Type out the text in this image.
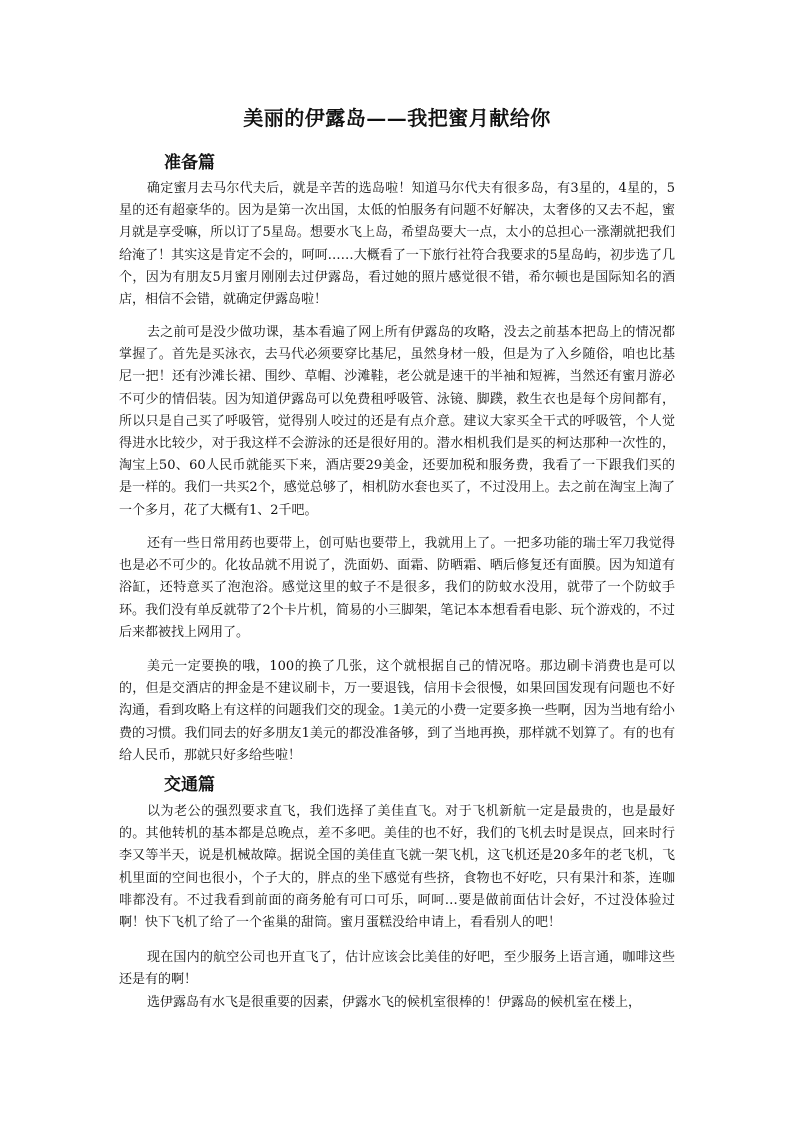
美丽的伊露岛——我把蜜月献给你
准备篇

确定蜜月去马尔代夫后，就是辛苦的选岛啦！知道马尔代夫有很多岛，有3星的，4星的，5星的还有超豪华的。因为是第一次出国，太低的怕服务有问题不好解决，太奢侈的又去不起，蜜月就是享受嘛，所以订了5星岛。想要水飞上岛，希望岛要大一点，太小的总担心一涨潮就把我们给淹了！其实这是肯定不会的，呵呵……大概看了一下旅行社符合我要求的5星岛屿，初步选了几个，因为有朋友5月蜜月刚刚去过伊露岛，看过她的照片感觉很不错，希尔顿也是国际知名的酒店，相信不会错，就确定伊露岛啦！

去之前可是没少做功课，基本看遍了网上所有伊露岛的攻略，没去之前基本把岛上的情况都掌握了。首先是买泳衣，去马代必须要穿比基尼，虽然身材一般，但是为了入乡随俗，咱也比基尼一把！还有沙滩长裙、围纱、草帽、沙滩鞋，老公就是速干的半袖和短裤，当然还有蜜月游必不可少的情侣装。因为知道伊露岛可以免费租呼吸管、泳镜、脚蹼，救生衣也是每个房间都有，所以只是自己买了呼吸管，觉得别人咬过的还是有点介意。建议大家买全干式的呼吸管，个人觉得进水比较少，对于我这样不会游泳的还是很好用的。潜水相机我们是买的柯达那种一次性的，淘宝上50、60人民币就能买下来，酒店要29美金，还要加税和服务费，我看了一下跟我们买的是一样的。我们一共买2个，感觉总够了，相机防水套也买了，不过没用上。去之前在淘宝上淘了一个多月，花了大概有1、2千吧。

还有一些日常用药也要带上，创可贴也要带上，我就用上了。一把多功能的瑞士军刀我觉得也是必不可少的。化妆品就不用说了，洗面奶、面霜、防晒霜、晒后修复还有面膜。因为知道有浴缸，还特意买了泡泡浴。感觉这里的蚊子不是很多，我们的防蚊水没用，就带了一个防蚊手环。我们没有单反就带了2个卡片机，简易的小三脚架，笔记本本想看看电影、玩个游戏的，不过后来都被找上网用了。

美元一定要换的哦，100的换了几张，这个就根据自己的情况咯。那边刷卡消费也是可以的，但是交酒店的押金是不建议刷卡，万一要退钱，信用卡会很慢，如果回国发现有问题也不好沟通，看到攻略上有这样的问题我们交的现金。1美元的小费一定要多换一些啊，因为当地有给小费的习惯。我们同去的好多朋友1美元的都没准备够，到了当地再换，那样就不划算了。有的也有给人民币，那就只好多给些啦！

交通篇

以为老公的强烈要求直飞，我们选择了美佳直飞。对于飞机新航一定是最贵的，也是最好的。其他转机的基本都是总晚点，差不多吧。美佳的也不好，我们的飞机去时是误点，回来时行李又等半天，说是机械故障。据说全国的美佳直飞就一架飞机，这飞机还是20多年的老飞机，飞机里面的空间也很小，个子大的，胖点的坐下感觉有些挤，食物也不好吃，只有果汁和茶，连咖啡都没有。不过我看到前面的商务舱有可口可乐，呵呵…要是做前面估计会好，不过没体验过啊！快下飞机了给了一个雀巢的甜筒。蜜月蛋糕没给申请上，看看别人的吧！

现在国内的航空公司也开直飞了，估计应该会比美佳的好吧，至少服务上语言通，咖啡这些还是有的啊！

选伊露岛有水飞是很重要的因素，伊露水飞的候机室很棒的！伊露岛的候机室在楼上，
